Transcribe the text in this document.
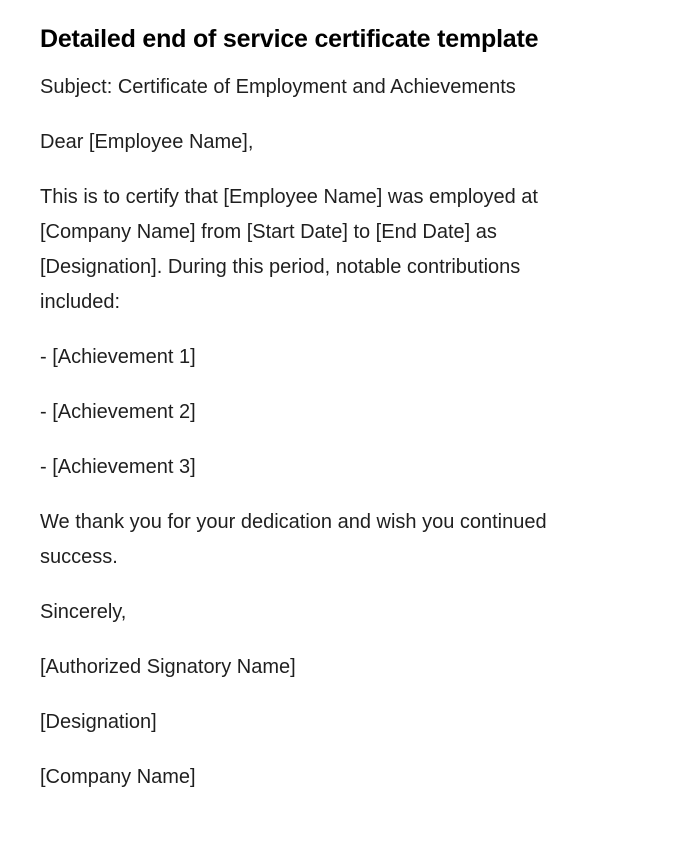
Detailed end of service certificate template

Subject: Certificate of Employment and Achievements

Dear [Employee Name],

This is to certify that [Employee Name] was employed at [Company Name] from [Start Date] to [End Date] as [Designation]. During this period, notable contributions included:

- [Achievement 1]

- [Achievement 2]

- [Achievement 3]

We thank you for your dedication and wish you continued success.

Sincerely,

[Authorized Signatory Name]

[Designation]

[Company Name]
